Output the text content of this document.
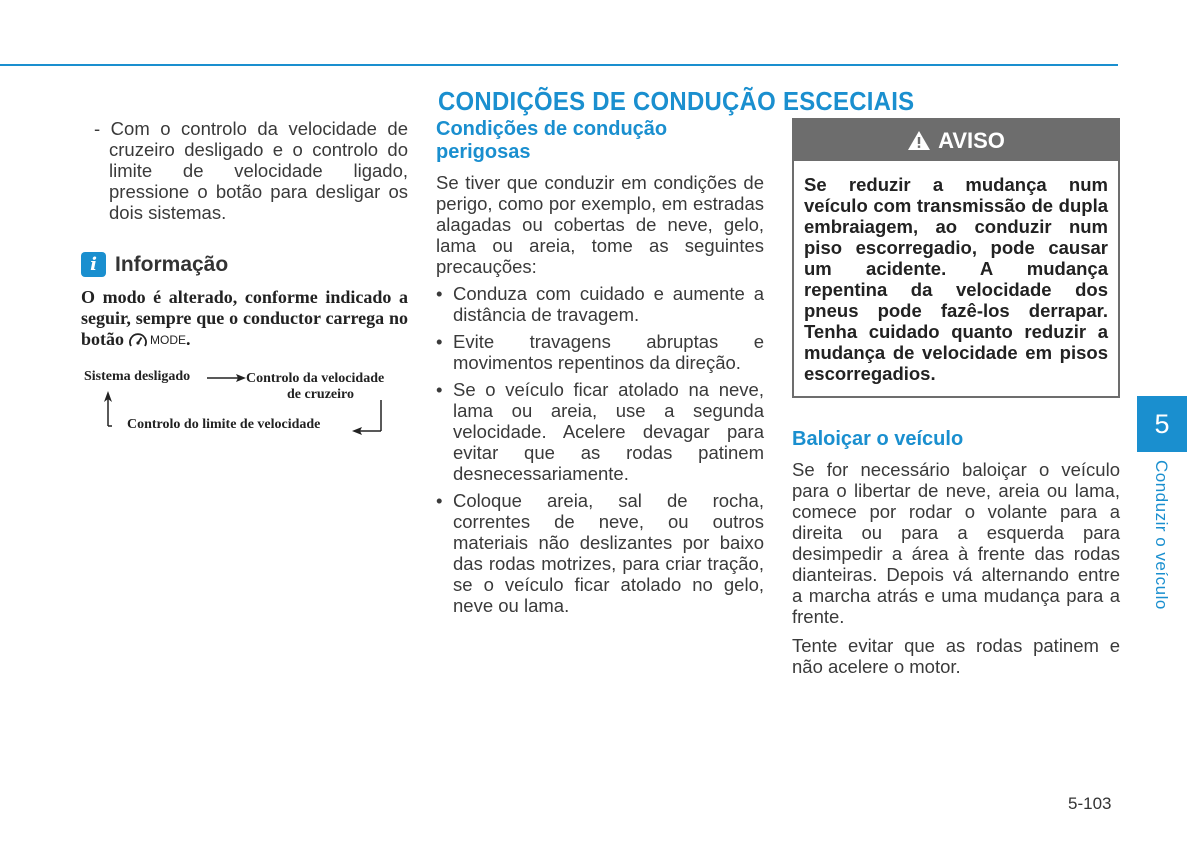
CONDIÇÕES DE CONDUÇÃO ESCECIAIS

- Com o controlo da velocidade de cruzeiro desligado e o controlo do limite de velocidade ligado, pressione o botão para desligar os dois sistemas.

i Informação
O modo é alterado, conforme indicado a seguir, sempre que o conductor carrega no botão MODE .
Sistema desligado	Controlo da velocidade
de cruzeiro
Controlo do limite de velocidade
Condições de condução perigosas

Se tiver que conduzir em condições de perigo, como por exemplo, em estradas alagadas ou cobertas de neve, gelo, lama ou areia, tome as seguintes precauções:

• Conduza com cuidado e aumente a distância de travagem.
• Evite travagens abruptas e movimentos repentinos da direção.
• Se o veículo ficar atolado na neve, lama ou areia, use a segunda velocidade. Acelere devagar para evitar que as rodas patinem desnecessariamente.
• Coloque areia, sal de rocha, correntes de neve, ou outros materiais não deslizantes por baixo das rodas motrizes, para criar tração, se o veículo ficar atolado no gelo, neve ou lama.
AVISO
Se reduzir a mudança num veículo com transmissão de dupla embraiagem, ao conduzir num piso escorregadio, pode causar um acidente. A mudança repentina da velocidade dos pneus pode fazê-los derrapar. Tenha cuidado quanto reduzir a mudança de velocidade em pisos escorregadios.
Baloiçar o veículo

Se for necessário baloiçar o veículo para o libertar de neve, areia ou lama, comece por rodar o volante para a direita ou para a esquerda para desimpedir a área à frente das rodas dianteiras. Depois vá alternando entre a marcha atrás e uma mudança para a frente.

Tente evitar que as rodas patinem e não acelere o motor.

5
Conduzir o veículo
5-103
